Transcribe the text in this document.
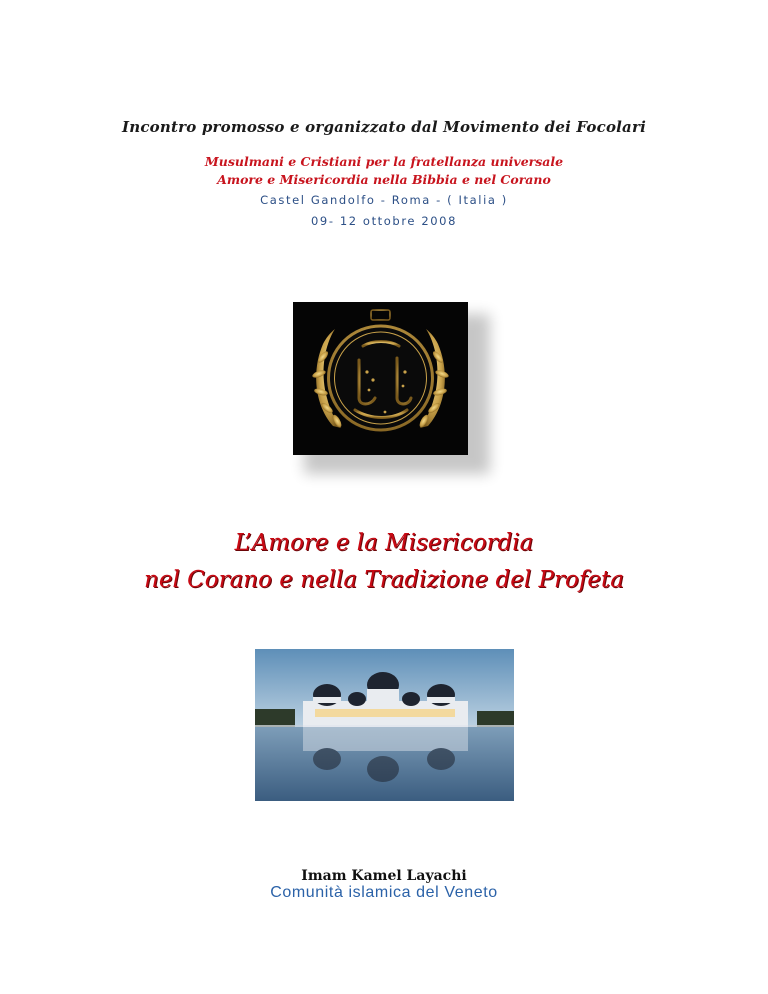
Incontro promosso e organizzato dal Movimento dei Focolari
Musulmani e Cristiani per la fratellanza universale
Amore e Misericordia nella Bibbia e nel Corano
Castel Gandolfo - Roma - ( Italia )
09- 12 ottobre 2008
L’Amore e la Misericordia
nel Corano e nella Tradizione del Profeta
Imam Kamel Layachi
Comunità islamica del Veneto
